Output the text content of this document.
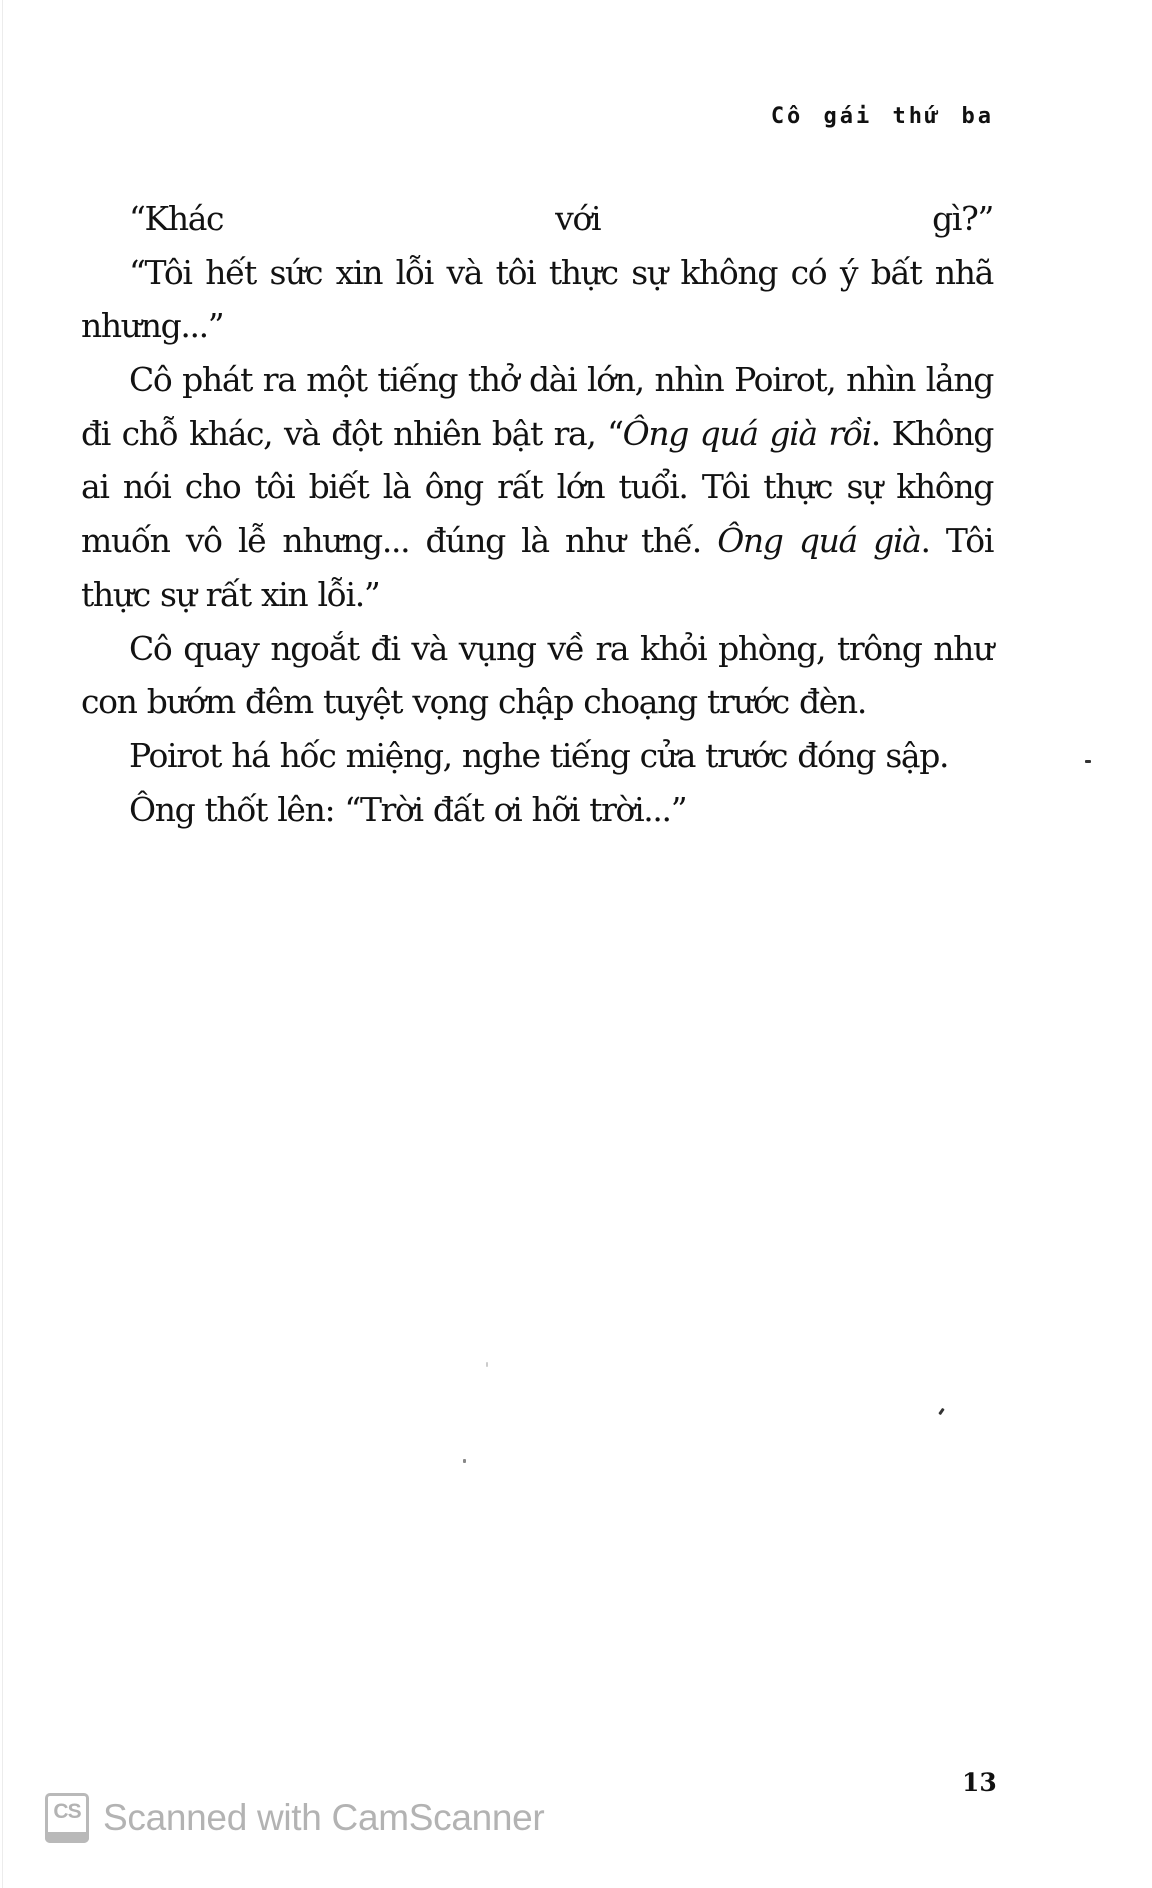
Cô gái thứ ba
“Khác với gì?”
“Tôi hết sức xin lỗi và tôi thực sự không có ý bất nhã
nhưng...”
Cô phát ra một tiếng thở dài lớn, nhìn Poirot, nhìn lảng
đi chỗ khác, và đột nhiên bật ra, “Ông quá già rồi. Không
ai nói cho tôi biết là ông rất lớn tuổi. Tôi thực sự không
muốn vô lễ nhưng... đúng là như thế. Ông quá già. Tôi
thực sự rất xin lỗi.”
Cô quay ngoắt đi và vụng về ra khỏi phòng, trông như
con bướm đêm tuyệt vọng chập choạng trước đèn.
Poirot há hốc miệng, nghe tiếng cửa trước đóng sập.
Ông thốt lên: “Trời đất ơi hỡi trời...”
13
CS Scanned with CamScanner
